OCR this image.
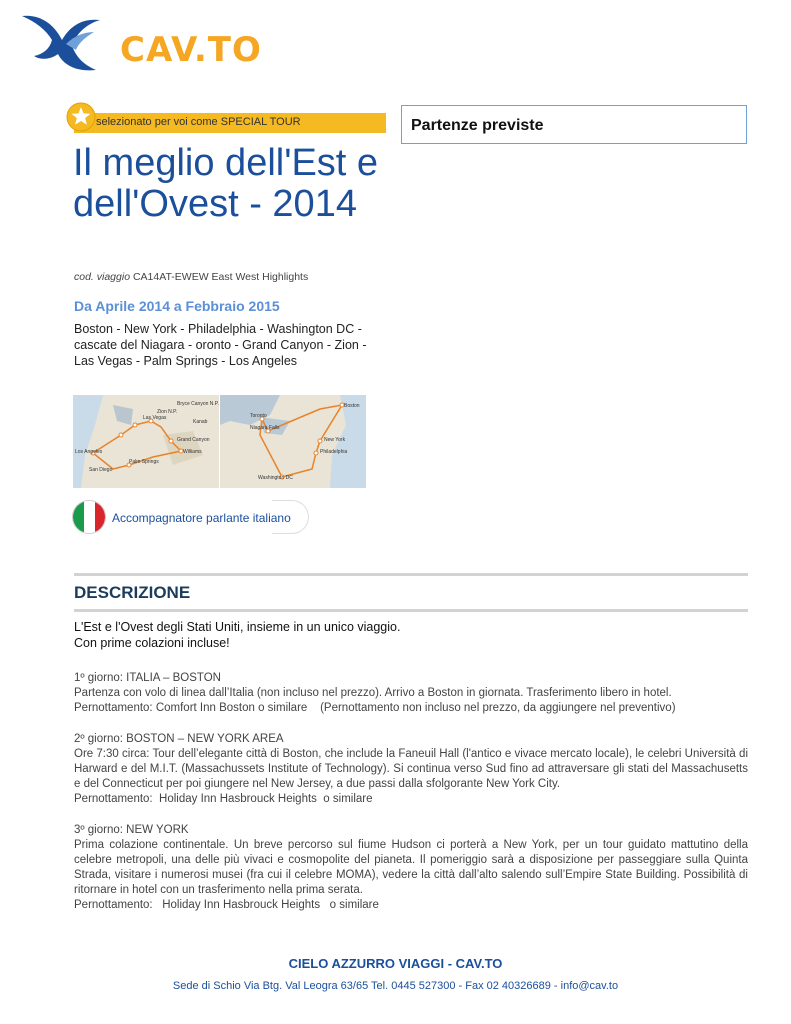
CAV.TO
selezionato per voi come SPECIAL TOUR
Il meglio dell'Est e dell'Ovest - 2014
cod. viaggio CA14AT-EWEW East West Highlights
Da Aprile 2014 a Febbraio 2015
Boston - New York - Philadelphia - Washington DC - cascate del Niagara - oronto - Grand Canyon - Zion - Las Vegas - Palm Springs - Los Angeles
Bryce Canyon N.P.
Zion N.P.
Las Vegas
Kanab
Grand Canyon
Williams
Los Angeles
Palm Springs
San Diego
Toronto
Niagara Falls
Boston
New York
Philadelphia
Washington DC
Accompagnatore parlante italiano
Partenze previste
DESCRIZIONE
L'Est e l'Ovest degli Stati Uniti, insieme in un unico viaggio.
Con prime colazioni incluse!

1º giorno: ITALIA – BOSTON

Partenza con volo di linea dall’Italia (non incluso nel prezzo). Arrivo a Boston in giornata. Trasferimento libero in hotel.

Pernottamento: Comfort Inn Boston o similare    (Pernottamento non incluso nel prezzo, da aggiungere nel preventivo)

2º giorno: BOSTON – NEW YORK AREA

Ore 7:30 circa: Tour dell’elegante città di Boston, che include la Faneuil Hall (l'antico e vivace mercato locale), le celebri Università di Harward e del M.I.T. (Massachussets Institute of Technology). Si continua verso Sud fino ad attraversare gli stati del Massachusetts e del Connecticut per poi giungere nel New Jersey, a due passi dalla sfolgorante New York City.

Pernottamento:  Holiday Inn Hasbrouck Heights  o similare

3º giorno: NEW YORK

Prima colazione continentale. Un breve percorso sul fiume Hudson ci porterà a New York, per un tour guidato mattutino della celebre metropoli, una delle più vivaci e cosmopolite del pianeta. Il pomeriggio sarà a disposizione per passeggiare sulla Quinta Strada, visitare i numerosi musei (fra cui il celebre MOMA), vedere la città dall’alto salendo sull’Empire State Building. Possibilità di ritornare in hotel con un trasferimento nella prima serata.

Pernottamento:   Holiday Inn Hasbrouck Heights   o similare

CIELO AZZURRO VIAGGI - CAV.TO
Sede di Schio Via Btg. Val Leogra 63/65 Tel. 0445 527300 - Fax 02 40326689 - info@cav.to
